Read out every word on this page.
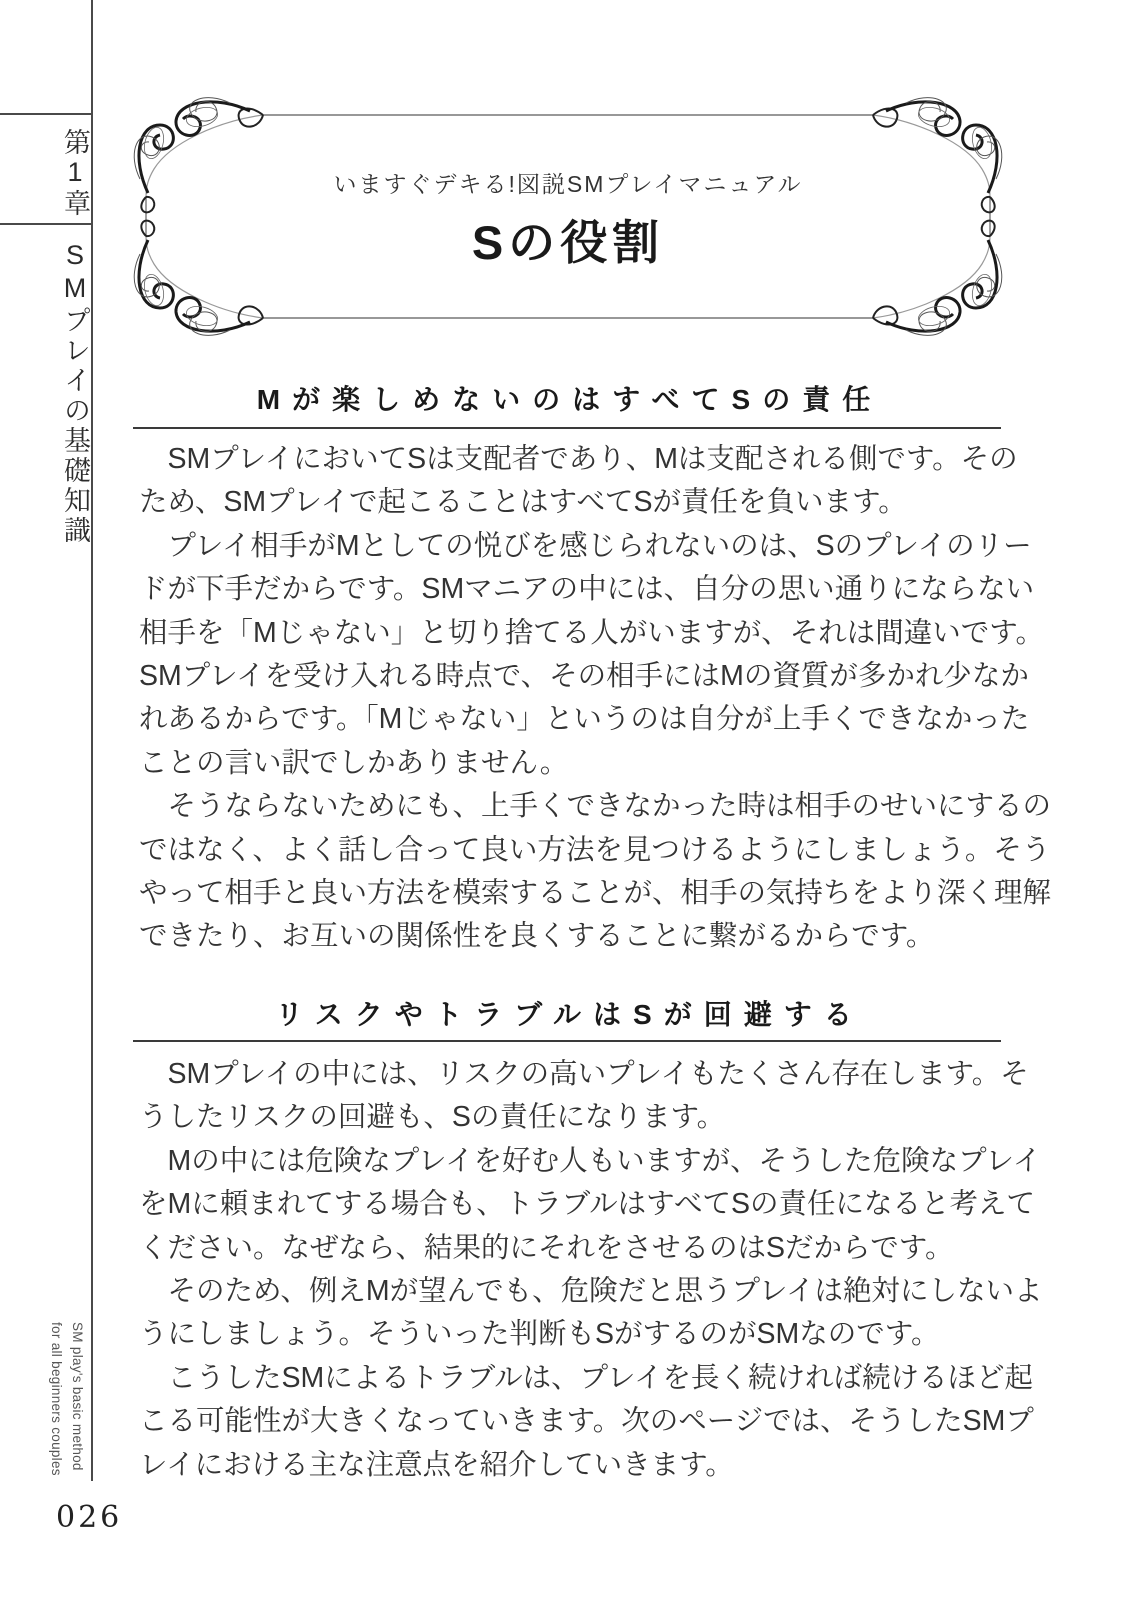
第1章
SMプレイの基礎知識
SM play's basic method
for all beginners couples
026
いますぐデキる!図説SMプレイマニュアル
Sの役割
Mが楽しめないのはすべてSの責任
　SMプレイにおいてSは支配者であり、Mは支配される側です。その
ため、SMプレイで起こることはすべてSが責任を負います。
　プレイ相手がMとしての悦びを感じられないのは、Sのプレイのリー
ドが下手だからです。SMマニアの中には、自分の思い通りにならない
相手を「Mじゃない」と切り捨てる人がいますが、それは間違いです。
SMプレイを受け入れる時点で、その相手にはMの資質が多かれ少なか
れあるからです。「Mじゃない」というのは自分が上手くできなかった
ことの言い訳でしかありません。
　そうならないためにも、上手くできなかった時は相手のせいにするの
ではなく、よく話し合って良い方法を見つけるようにしましょう。そう
やって相手と良い方法を模索することが、相手の気持ちをより深く理解
できたり、お互いの関係性を良くすることに繋がるからです。
リスクやトラブルはSが回避する
　SMプレイの中には、リスクの高いプレイもたくさん存在します。そ
うしたリスクの回避も、Sの責任になります。
　Mの中には危険なプレイを好む人もいますが、そうした危険なプレイ
をMに頼まれてする場合も、トラブルはすべてSの責任になると考えて
ください。なぜなら、結果的にそれをさせるのはSだからです。
　そのため、例えMが望んでも、危険だと思うプレイは絶対にしないよ
うにしましょう。そういった判断もSがするのがSMなのです。
　こうしたSMによるトラブルは、プレイを長く続ければ続けるほど起
こる可能性が大きくなっていきます。次のページでは、そうしたSMプ
レイにおける主な注意点を紹介していきます。
